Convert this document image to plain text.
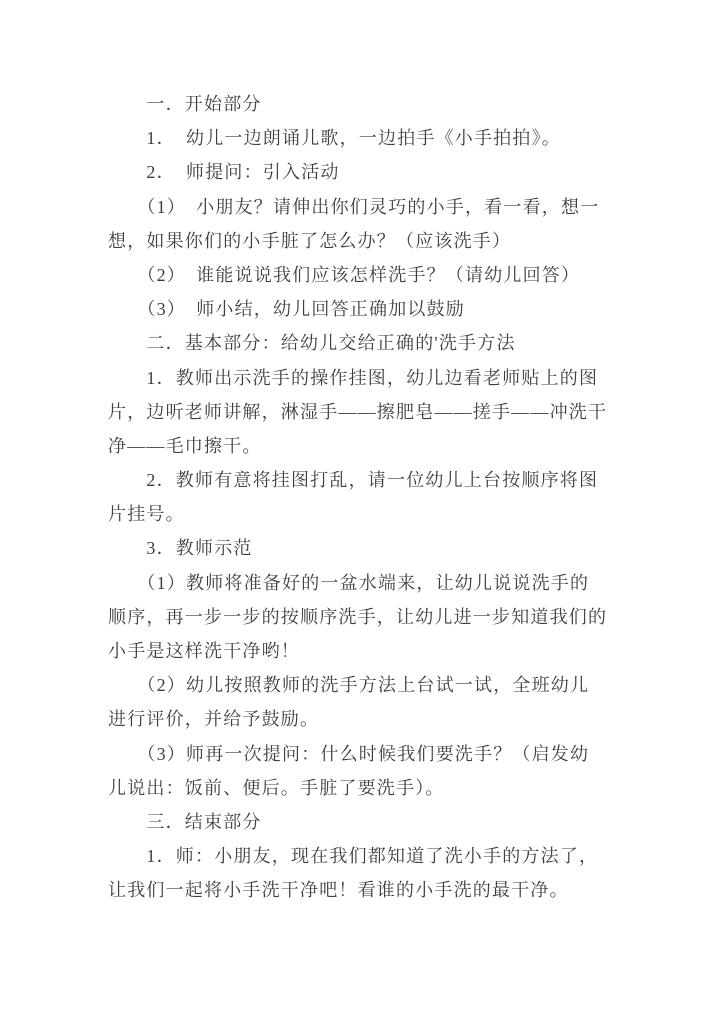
　　一．开始部分
　　1．　幼儿一边朗诵儿歌，一边拍手《小手拍拍》。
　　2．　师提问：引入活动
　　（1）　小朋友？请伸出你们灵巧的小手，看一看，想一
想，如果你们的小手脏了怎么办？（应该洗手）
　　（2）　谁能说说我们应该怎样洗手？（请幼儿回答）
　　（3）　师小结，幼儿回答正确加以鼓励
　　二．基本部分：给幼儿交给正确的'洗手方法
　　1．教师出示洗手的操作挂图，幼儿边看老师贴上的图
片，边听老师讲解，淋湿手——擦肥皂——搓手——冲洗干
净——毛巾擦干。
　　2．教师有意将挂图打乱，请一位幼儿上台按顺序将图
片挂号。
　　3．教师示范
　　（1）教师将准备好的一盆水端来，让幼儿说说洗手的
顺序，再一步一步的按顺序洗手，让幼儿进一步知道我们的
小手是这样洗干净哟！
　　（2）幼儿按照教师的洗手方法上台试一试，全班幼儿
进行评价，并给予鼓励。
　　（3）师再一次提问：什么时候我们要洗手？（启发幼
儿说出：饭前、便后。手脏了要洗手）。
　　三．结束部分
　　1．师：小朋友，现在我们都知道了洗小手的方法了，
让我们一起将小手洗干净吧！看谁的小手洗的最干净。
